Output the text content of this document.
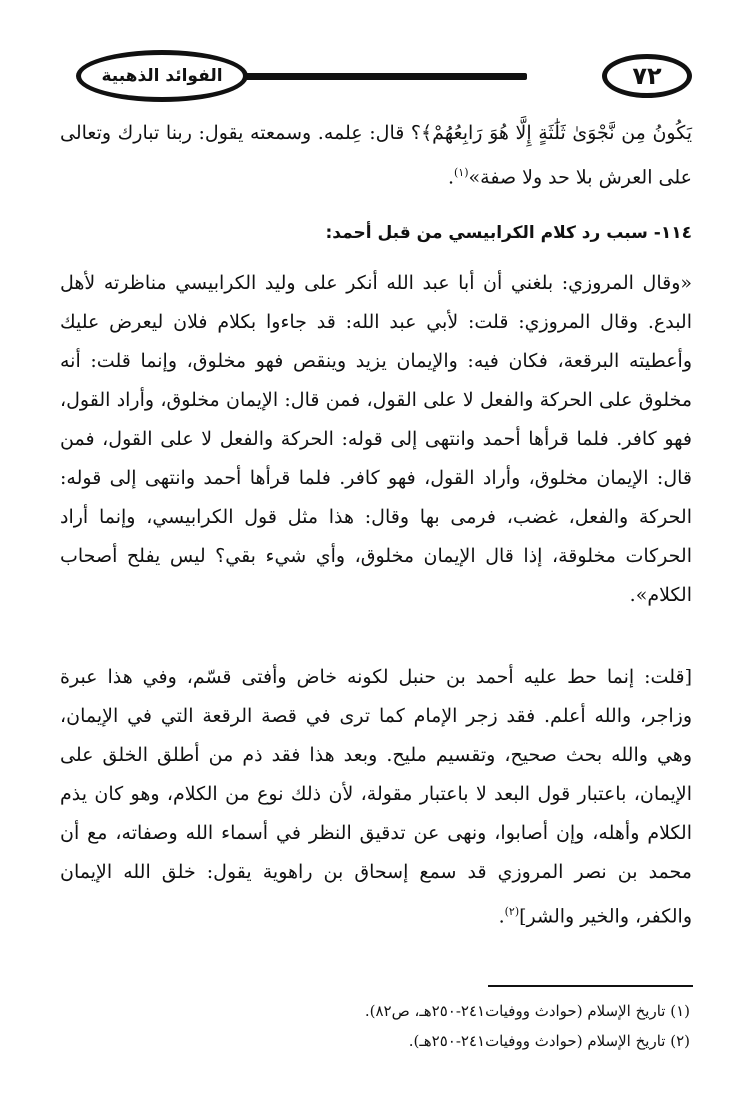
الفوائد الذهبية	٧٢
يَكُونُ مِن نَّجْوَىٰ ثَلَٰثَةٍ إِلَّا هُوَ رَابِعُهُمْ﴾؟ قال: عِلمه. وسمعته يقول: ربنا تبارك وتعالى على العرش بلا حد ولا صفة»$^{(١)}$.
١١٤- سبب رد كلام الكرابيسي من قبل أحمد:
«وقال المروزي: بلغني أن أبا عبد الله أنكر على وليد الكرابيسي مناظرته لأهل البدع. وقال المروزي: قلت: لأبي عبد الله: قد جاءوا بكلام فلان ليعرض عليك وأعطيته البرقعة، فكان فيه: والإيمان يزيد وينقص فهو مخلوق، وإنما قلت: أنه مخلوق على الحركة والفعل لا على القول، فمن قال: الإيمان مخلوق، وأراد القول، فهو كافر. فلما قرأها أحمد وانتهى إلى قوله: الحركة والفعل لا على القول، فمن قال: الإيمان مخلوق، وأراد القول، فهو كافر. فلما قرأها أحمد وانتهى إلى قوله: الحركة والفعل، غضب، فرمى بها وقال: هذا مثل قول الكرابيسي، وإنما أراد الحركات مخلوقة، إذا قال الإيمان مخلوق، وأي شيء بقي؟ ليس يفلح أصحاب الكلام».
[قلت: إنما حط عليه أحمد بن حنبل لكونه خاض وأفتى قسّم، وفي هذا عبرة وزاجر، والله أعلم. فقد زجر الإمام كما ترى في قصة الرقعة التي في الإيمان، وهي والله بحث صحيح، وتقسيم مليح. وبعد هذا فقد ذم من أطلق الخلق على الإيمان، باعتبار قول البعد لا باعتبار مقولة، لأن ذلك نوع من الكلام، وهو كان يذم الكلام وأهله، وإن أصابوا، ونهى عن تدقيق النظر في أسماء الله وصفاته، مع أن محمد بن نصر المروزي قد سمع إسحاق بن راهوية يقول: خلق الله الإيمان والكفر، والخير والشر]$^{(٢)}$.
(١) تاريخ الإسلام (حوادث ووفيات٢٤١-٢٥٠هـ، ص٨٢).
(٢) تاريخ الإسلام (حوادث ووفيات٢٤١-٢٥٠هـ).
